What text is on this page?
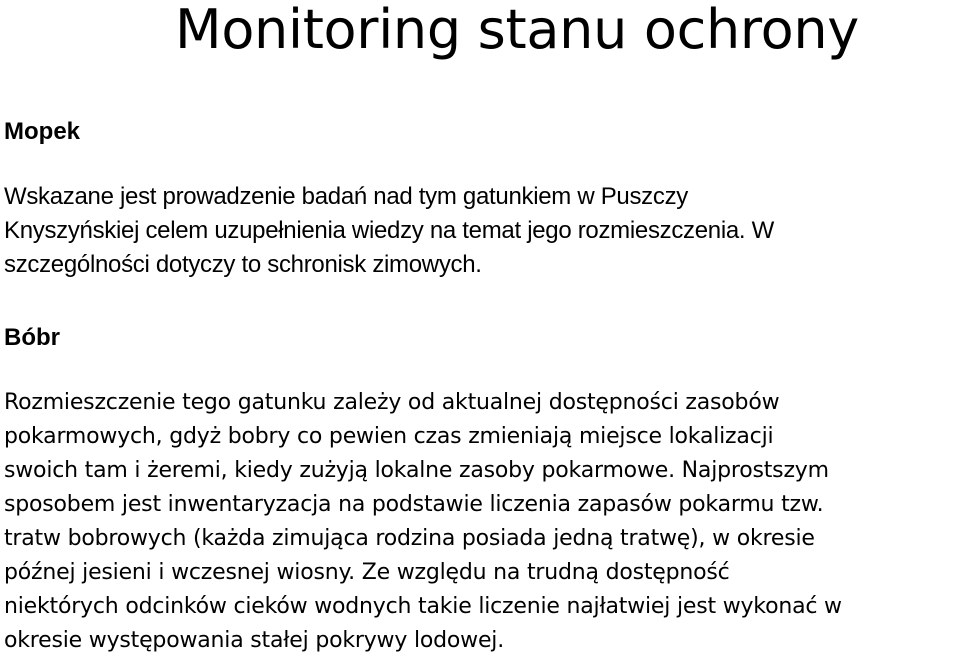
Monitoring stanu ochrony
Mopek

Wskazane jest prowadzenie badań nad tym gatunkiem w Puszczy
Knyszyńskiej celem uzupełnienia wiedzy na temat jego rozmieszczenia. W
szczególności dotyczy to schronisk zimowych.

Bóbr

Rozmieszczenie tego gatunku zależy od aktualnej dostępności zasobów
pokarmowych, gdyż bobry co pewien czas zmieniają miejsce lokalizacji
swoich tam i żeremi, kiedy zużyją lokalne zasoby pokarmowe. Najprostszym
sposobem jest inwentaryzacja na podstawie liczenia zapasów pokarmu tzw.
tratw bobrowych (każda zimująca rodzina posiada jedną tratwę), w okresie
późnej jesieni i wczesnej wiosny. Ze względu na trudną dostępność
niektórych odcinków cieków wodnych takie liczenie najłatwiej jest wykonać w
okresie występowania stałej pokrywy lodowej.
